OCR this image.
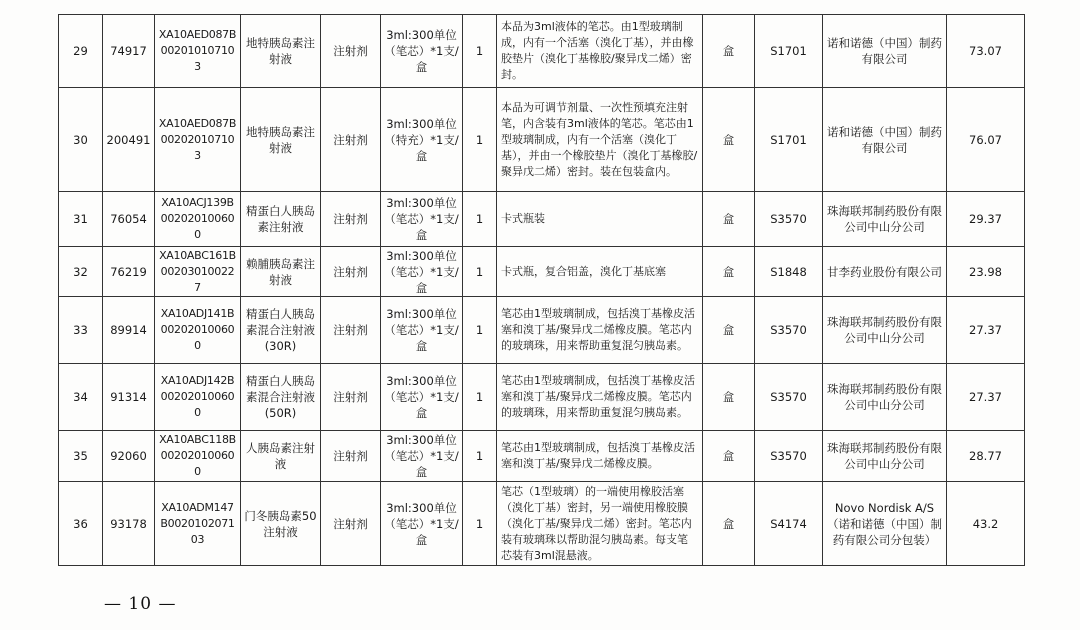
29	74917	XA10AED087B002010107103	地特胰岛素注射液	注射剂	3ml:300单位（笔芯）*1支/盒	1	本品为3ml液体的笔芯。由1型玻璃制成，内有一个活塞（溴化丁基），并由橡胶垫片（溴化丁基橡胶/聚异戊二烯）密封。	盒	S1701	诺和诺德（中国）制药有限公司	73.07
30	200491	XA10AED087B002020107103	地特胰岛素注射液	注射剂	3ml:300单位（特充）*1支/盒	1	本品为可调节剂量、一次性预填充注射笔，内含装有3ml液体的笔芯。笔芯由1型玻璃制成，内有一个活塞（溴化丁基），并由一个橡胶垫片（溴化丁基橡胶/聚异戊二烯）密封。装在包装盒内。	盒	S1701	诺和诺德（中国）制药有限公司	76.07
31	76054	XA10ACJ139B002020100600	精蛋白人胰岛素注射液	注射剂	3ml:300单位（笔芯）*1支/盒	1	卡式瓶装	盒	S3570	珠海联邦制药股份有限公司中山分公司	29.37
32	76219	XA10ABC161B002030100227	赖脯胰岛素注射液	注射剂	3ml:300单位（笔芯）*1支/盒	1	卡式瓶，复合铝盖，溴化丁基底塞	盒	S1848	甘李药业股份有限公司	23.98
33	89914	XA10ADJ141B002020100600	精蛋白人胰岛素混合注射液(30R)	注射剂	3ml:300单位（笔芯）*1支/盒	1	笔芯由1型玻璃制成，包括溴丁基橡皮活塞和溴丁基/聚异戊二烯橡皮膜。笔芯内的玻璃珠，用来帮助重复混匀胰岛素。	盒	S3570	珠海联邦制药股份有限公司中山分公司	27.37
34	91314	XA10ADJ142B002020100600	精蛋白人胰岛素混合注射液(50R)	注射剂	3ml:300单位（笔芯）*1支/盒	1	笔芯由1型玻璃制成，包括溴丁基橡皮活塞和溴丁基/聚异戊二烯橡皮膜。笔芯内的玻璃珠，用来帮助重复混匀胰岛素。	盒	S3570	珠海联邦制药股份有限公司中山分公司	27.37
35	92060	XA10ABC118B002020100600	人胰岛素注射液	注射剂	3ml:300单位（笔芯）*1支/盒	1	笔芯由1型玻璃制成，包括溴丁基橡皮活塞和溴丁基/聚异戊二烯橡皮膜。	盒	S3570	珠海联邦制药股份有限公司中山分公司	28.77
36	93178	XA10ADM147B002010207103	门冬胰岛素50注射液	注射剂	3ml:300单位（笔芯）*1支/盒	1	笔芯（1型玻璃）的一端使用橡胶活塞（溴化丁基）密封，另一端使用橡胶膜（溴化丁基/聚异戊二烯）密封。笔芯内装有玻璃珠以帮助混匀胰岛素。每支笔芯装有3ml混悬液。	盒	S4174	Novo Nordisk A/S（诺和诺德（中国）制药有限公司分包装）	43.2
— 10 —
